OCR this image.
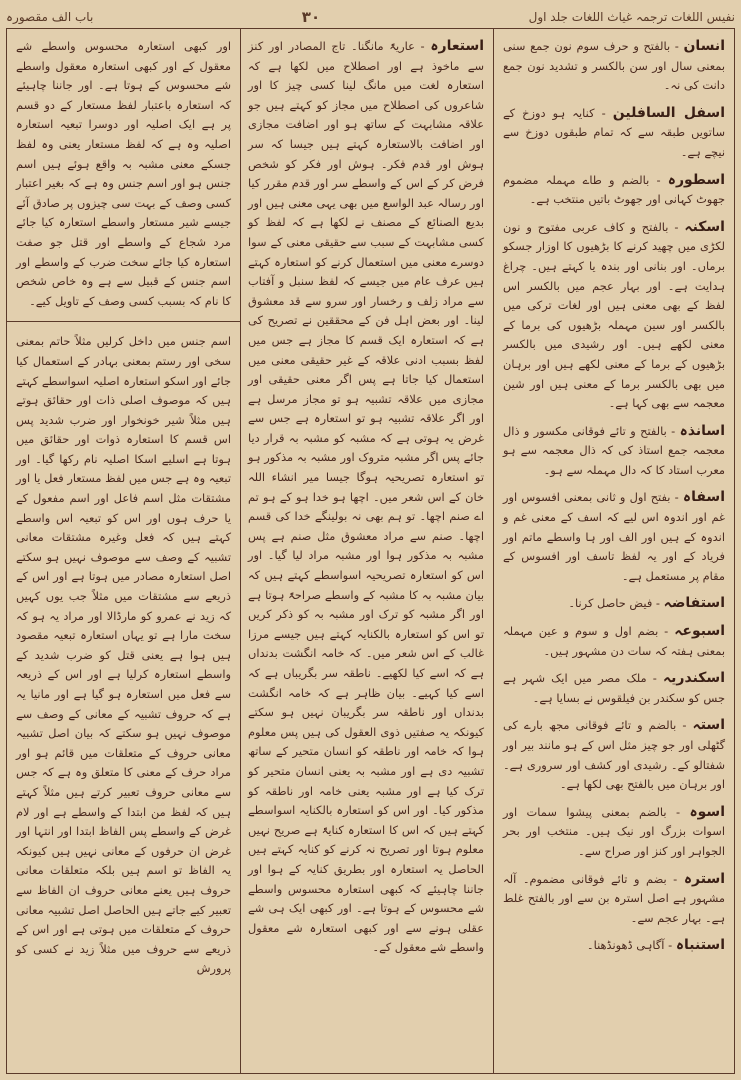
نفیس اللغات ترجمہ غیاث اللغات جلد اول
۳۰
باب الف مقصورہ

انسان - بالفتح و حرف سوم نون جمع سنی بمعنی سال اور سن بالکسر و تشدید نون جمع دانت کی نہ۔

اسفل السافلین - کنایہ ہو دوزخ کے ساتویں طبقہ سے کہ تمام طبقوں دوزخ سے نیچے ہے۔

اسطورہ - بالضم و طاے مہملہ مضموم جھوٹ کہانی اور جھوٹ باتیں منتخب ہے۔

اسکنہ - بالفتح و کاف عربی مفتوح و نون لکڑی میں چھید کرنے کا بڑھیوں کا اوزار جسکو برماں۔ اور بنانی اور بندہ یا کہتے ہیں۔ چراغ ہدایت ہے۔ اور بہار عجم میں بالکسر اس لفظ کے بھی معنی ہیں اور لغات ترکی میں بالکسر اور سین مہملہ بڑھیوں کی برما کے معنی لکھے ہیں۔ اور رشیدی میں بالکسر بڑھیوں کے برما کے معنی لکھے ہیں اور برہان میں بھی بالکسر برما کے معنی ہیں اور شین معجمہ سے بھی کہا ہے۔

اسانذہ - بالفتح و تائے فوقانی مکسور و ذال معجمہ جمع استاذ کی کہ ذال معجمہ سے ہو معرب استاد کا کہ دال مہملہ سے ہو۔

اسفاہ - بفتح اول و ثانی بمعنی افسوس اور غم اور اندوہ اس لیے کہ اسف کے معنی غم و اندوہ کے ہیں اور الف اور ہا واسطے ماتم اور فریاد کے اور یہ لفظ تاسف اور افسوس کے مقام پر مستعمل ہے۔

استفاضہ - فیض حاصل کرنا۔

اسبوعہ - بضم اول و سوم و عین مہملہ بمعنی ہفتہ کہ سات دن مشہور ہیں۔

اسکندریہ - ملک مصر میں ایک شہر ہے جس کو سکندر بن فیلقوس نے بسایا ہے۔

استہ - بالضم و تائے فوقانی مجھ بارے کی گٹھلی اور جو چیز مثل اس کے ہو مانند بیر اور شفتالو کے۔ رشیدی اور کشف اور سروری ہے۔ اور برہان میں بالفتح بھی لکھا ہے۔

اسوہ - بالضم بمعنی پیشوا سمات اور اسوات بزرگ اور نیک ہیں۔ منتخب اور بحر الجواہر اور کنز اور صراح سے۔

استرہ - بضم و تائے فوقانی مضموم۔ آلہ مشہور ہے اصل استرہ بن سے اور بالفتح غلط ہے۔ بہار عجم سے۔

استنباہ - آگاہی ڈھونڈھنا۔

استعارہ - عاریۃً مانگنا۔ تاج المصادر اور کنز سے ماخوذ ہے اور اصطلاح میں لکھا ہے کہ استعارہ لغت میں مانگ لینا کسی چیز کا اور شاعروں کی اصطلاح میں مجاز کو کہتے ہیں جو علاقہ مشابہت کے ساتھ ہو اور اضافت مجازی اور اضافت بالاستعارہ کہتے ہیں جیسا کہ سر ہوش اور قدم فکر۔ ہوش اور فکر کو شخص فرض کر کے اس کے واسطے سر اور قدم مقرر کیا اور رسالہ عبد الواسع میں بھی یہی معنی ہیں اور بدیع الصنائع کے مصنف نے لکھا ہے کہ لفظ کو کسی مشابہت کے سبب سے حقیقی معنی کے سوا دوسرے معنی میں استعمال کرنے کو استعارہ کہتے ہیں عرف عام میں جیسے کہ لفظ سنبل و آفتاب سے مراد زلف و رخسار اور سرو سے قد معشوق لینا۔ اور بعض اہل فن کے محققین نے تصریح کی ہے کہ استعارہ ایک قسم کا مجاز ہے جس میں لفظ بسبب ادنی علاقہ کے غیر حقیقی معنی میں استعمال کیا جاتا ہے پس اگر معنی حقیقی اور مجازی میں علاقہ تشبیہ ہو تو مجاز مرسل ہے اور اگر علاقہ تشبیہ ہو تو استعارہ ہے جس سے غرض یہ ہوتی ہے کہ مشبہ کو مشبہ بہ قرار دیا جائے پس اگر مشبہ متروک اور مشبہ بہ مذکور ہو تو استعارہ تصریحیہ ہوگا جیسا میر انشاء اللہ خان کے اس شعر میں۔ اچھا ہو خدا ہو کے ہو تم اے صنم اچھا۔ تو ہم بھی نہ بولینگے خدا کی قسم اچھا۔ صنم سے مراد معشوق مثل صنم ہے پس مشبہ بہ مذکور ہوا اور مشبہ مراد لیا گیا۔ اور اس کو استعارہ تصریحیہ اسواسطے کہتے ہیں کہ بیان مشبہ بہ کا مشبہ کے واسطے صراحۃً ہوتا ہے اور اگر مشبہ کو ترک اور مشبہ بہ کو ذکر کریں تو اس کو استعارہ بالکنایہ کہتے ہیں جیسے مرزا غالب کے اس شعر میں۔ کہ خامہ انگشت بدنداں ہے کہ اسے کیا لکھیے۔ ناطقہ سر بگریباں ہے کہ اسے کیا کہیے۔ بیان ظاہر ہے کہ خامہ انگشت بدنداں اور ناطقہ سر بگریبان نہیں ہو سکتے کیونکہ یہ صفتیں ذوی العقول کی ہیں پس معلوم ہوا کہ خامہ اور ناطقہ کو انسان متحیر کے ساتھ تشبیہ دی ہے اور مشبہ بہ یعنی انسان متحیر کو ترک کیا ہے اور مشبہ یعنی خامہ اور ناطقہ کو مذکور کیا۔ اور اس کو استعارہ بالکنایہ اسواسطے کہتے ہیں کہ اس کا استعارہ کنایۃً ہے صریح نہیں معلوم ہوتا اور تصریح نہ کرنے کو کنایہ کہتے ہیں الحاصل یہ استعارہ اور بطریق کنایہ کے ہوا اور جاننا چاہیئے کہ کبھی استعارہ محسوس واسطے شے محسوس کے ہوتا ہے۔ اور کبھی ایک ہی شے عقلی ہونے سے اور کبھی استعارہ شے معقول واسطے شے معقول کے۔

اور کبھی استعارہ محسوس واسطے شے معقول کے اور کبھی استعارہ معقول واسطے شے محسوس کے ہوتا ہے۔ اور جاننا چاہیئے کہ استعارہ باعتبار لفظ مستعار کے دو قسم پر ہے ایک اصلیہ اور دوسرا تبعیہ استعارہ اصلیہ وہ ہے کہ لفظ مستعار یعنی وہ لفظ جسکے معنی مشبہ بہ واقع ہوئے ہیں اسم جنس ہو اور اسم جنس وہ ہے کہ بغیر اعتبار کسی وصف کے بہت سی چیزوں پر صادق آئے جیسے شیر مستعار واسطے استعارہ کیا جائے مرد شجاع کے واسطے اور قتل جو صفت استعارہ کیا جائے سخت ضرب کے واسطے اور اسم جنس کے قبیل سے ہے وہ خاص شخص کا نام کہ بسبب کسی وصف کے تاویل کیے۔

اسم جنس میں داخل کرلیں مثلاً حاتم بمعنی سخی اور رستم بمعنی بہادر کے استعمال کیا جائے اور اسکو استعارہ اصلیہ اسواسطے کہتے ہیں کہ موصوف اصلی ذات اور حقائق ہوتے ہیں مثلاً شیر خونخوار اور ضرب شدید پس اس قسم کا استعارہ ذوات اور حقائق میں ہوتا ہے اسلیے اسکا اصلیہ نام رکھا گیا۔ اور تبعیہ وہ ہے جس میں لفظ مستعار فعل یا اور مشتقات مثل اسم فاعل اور اسم مفعول کے یا حرف ہوں اور اس کو تبعیہ اس واسطے کہتے ہیں کہ فعل وغیرہ مشتقات معانی تشبیہ کے وصف سے موصوف نہیں ہو سکتے اصل استعارہ مصادر میں ہوتا ہے اور اس کے ذریعے سے مشتقات میں مثلاً جب یوں کہیں کہ زید نے عمرو کو مارڈالا اور مراد یہ ہو کہ سخت مارا ہے تو یہاں استعارہ تبعیہ مقصود ہیں ہوا ہے یعنی قتل کو ضرب شدید کے واسطے استعارہ کرلیا ہے اور اس کے ذریعہ سے فعل میں استعارہ ہو گیا ہے اور مانیا یہ ہے کہ حروف تشبیہ کے معانی کے وصف سے موصوف نہیں ہو سکتے کہ بیان اصل تشبیہ معانی حروف کے متعلقات میں قائم ہو اور مراد حرف کے معنی کا متعلق وہ ہے کہ جس سے معانی حروف تعبیر کرتے ہیں مثلاً کہتے ہیں کہ لفظ من ابتدا کے واسطے ہے اور لام غرض کے واسطے پس الفاظ ابتدا اور انتہا اور غرض ان حرفوں کے معانی نہیں ہیں کیونکہ یہ الفاظ تو اسم ہیں بلکہ متعلقات معانی حروف ہیں یعنے معانی حروف ان الفاظ سے تعبیر کیے جاتے ہیں الحاصل اصل تشبیہ معانی حروف کے متعلقات میں ہوتی ہے اور اس کے ذریعے سے حروف میں مثلاً زید نے کسی کو پرورش
